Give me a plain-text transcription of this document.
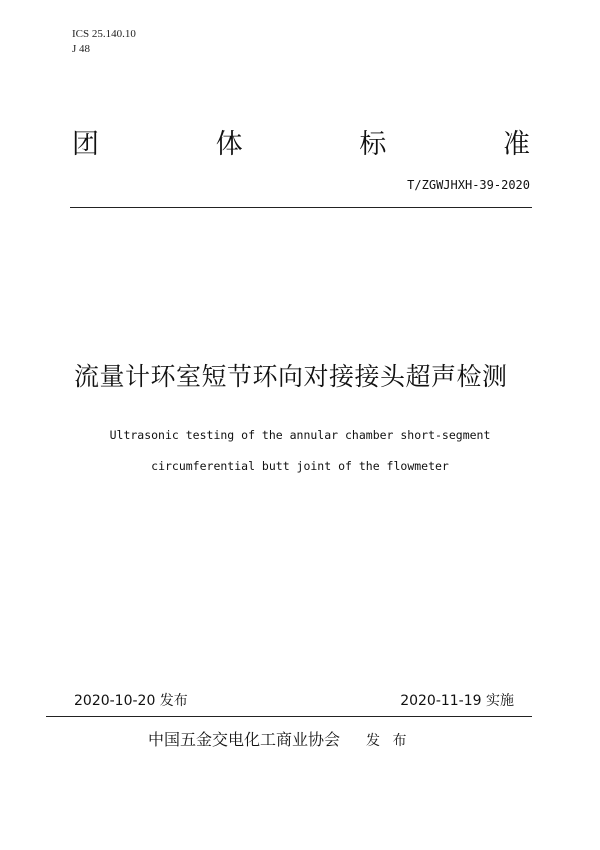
ICS 25.140.10
J 48
团	体	标	准
T/ZGWJHXH-39-2020
流量计环室短节环向对接接头超声检测
Ultrasonic testing of the annular chamber short-segment
circumferential butt joint of the flowmeter
2020-10-20 发布	2020-11-19 实施
中国五金交电化工商业协会 发 布
